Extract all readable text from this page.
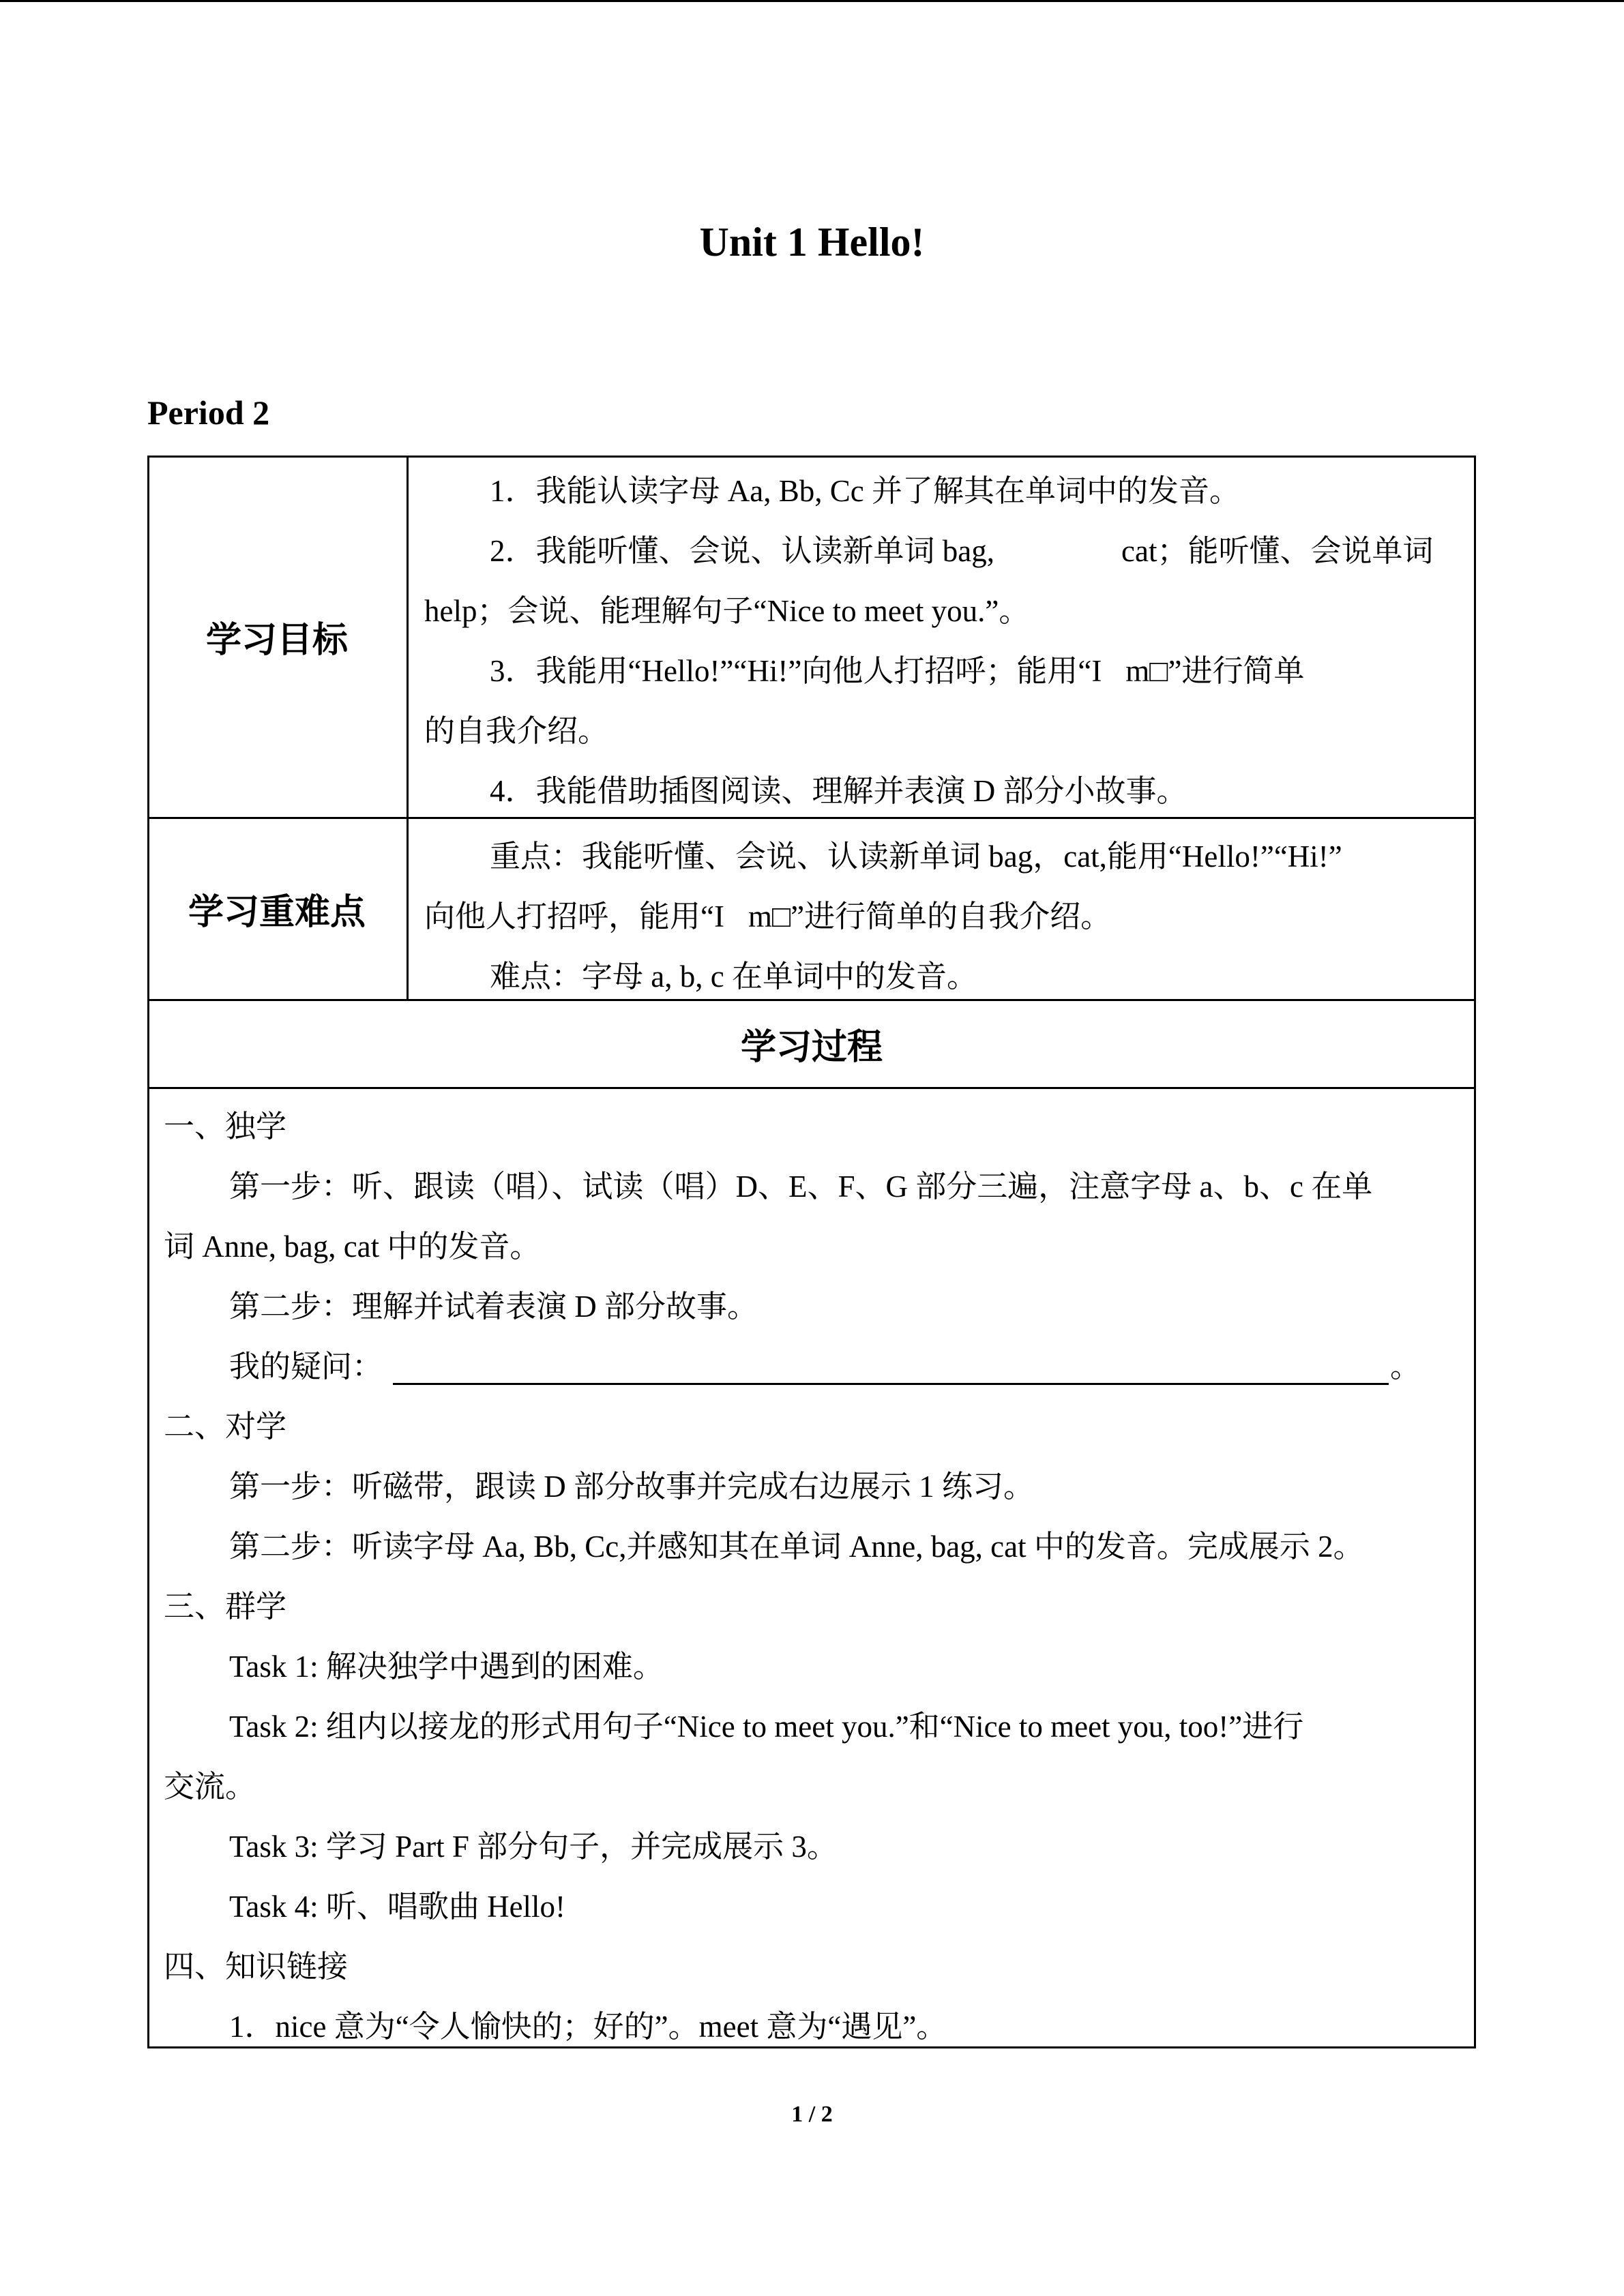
Unit 1 Hello!
Period 2
学习目标
1．我能认读字母 Aa, Bb, Cc 并了解其在单词中的发音。
2．我能听懂、会说、认读新单词 bag,	cat；能听懂、会说单词
help；会说、能理解句子“Nice to meet you.”。
3．我能用“Hello!”“Hi!”向他人打招呼；能用“I m□”进行简单
的自我介绍。
4．我能借助插图阅读、理解并表演 D 部分小故事。
学习重难点
重点：我能听懂、会说、认读新单词 bag，cat,能用“Hello!”“Hi!”
向他人打招呼，能用“I m□”进行简单的自我介绍。
难点：字母 a, b, c 在单词中的发音。
学习过程
一、独学
第一步：听、跟读（唱）、试读（唱）D、E、F、G 部分三遍，注意字母 a、b、c 在单
词 Anne, bag, cat 中的发音。
第二步：理解并试着表演 D 部分故事。
我的疑问：	。
二、对学
第一步：听磁带，跟读 D 部分故事并完成右边展示 1 练习。
第二步：听读字母 Aa, Bb, Cc,并感知其在单词 Anne, bag, cat 中的发音。完成展示 2。
三、群学
Task 1: 解决独学中遇到的困难。
Task 2: 组内以接龙的形式用句子“Nice to meet you.”和“Nice to meet you, too!”进行
交流。
Task 3: 学习 Part F 部分句子，并完成展示 3。
Task 4: 听、唱歌曲 Hello!
四、知识链接
1．nice 意为“令人愉快的；好的”。meet 意为“遇见”。
1 / 2
